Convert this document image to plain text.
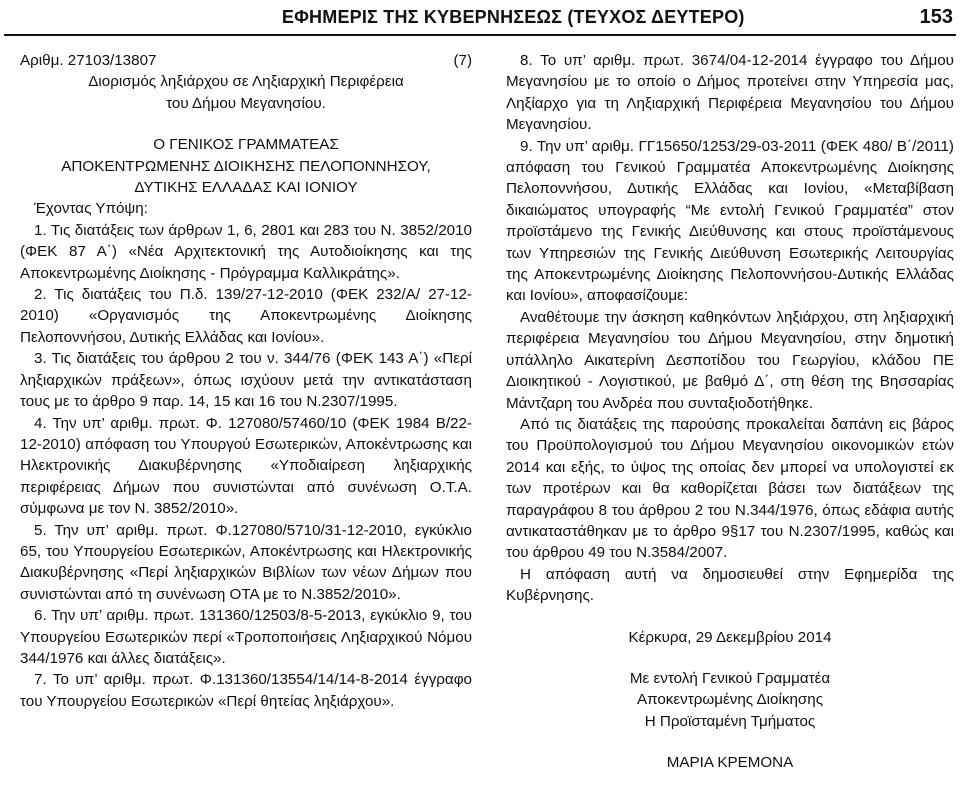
ΕΦΗΜΕΡΙΣ ΤΗΣ ΚΥΒΕΡΝΗΣΕΩΣ (ΤΕΥΧΟΣ ΔΕΥΤΕΡΟ)	153
Αριθμ. 27103/13807	(7)

Διορισμός ληξιάρχου σε Ληξιαρχική Περιφέρεια

του Δήμου Μεγανησίου.

Ο ΓΕΝΙΚΟΣ ΓΡΑΜΜΑΤΕΑΣ

ΑΠΟΚΕΝΤΡΩΜΕΝΗΣ ΔΙΟΙΚΗΣΗΣ ΠΕΛΟΠΟΝΝΗΣΟΥ,

ΔΥΤΙΚΗΣ ΕΛΛΑΔΑΣ ΚΑΙ ΙΟΝΙΟΥ

Έχοντας Υπόψη:

1. Τις διατάξεις των άρθρων 1, 6, 2801 και 283 του Ν. 3852/2010 (ΦΕΚ 87 Α΄) «Νέα Αρχιτεκτονική της Αυτοδιοίκησης και της Αποκεντρωμένης Διοίκησης - Πρόγραμμα Καλλικράτης».

2. Τις διατάξεις του Π.δ. 139/27-12-2010 (ΦΕΚ 232/Α/ 27-12-2010) «Οργανισμός της Αποκεντρωμένης Διοίκησης Πελοποννήσου, Δυτικής Ελλάδας και Ιονίου».

3. Τις διατάξεις του άρθρου 2 του ν. 344/76 (ΦΕΚ 143 Α΄) «Περί ληξιαρχικών πράξεων», όπως ισχύουν μετά την αντικατάσταση τους με το άρθρο 9 παρ. 14, 15 και 16 του Ν.2307/1995.

4. Την υπ’ αριθμ. πρωτ. Φ. 127080/57460/10 (ΦΕΚ 1984 Β/22-12-2010) απόφαση του Υπουργού Εσωτερικών, Αποκέντρωσης και Ηλεκτρονικής Διακυβέρνησης «Υποδιαίρεση ληξιαρχικής περιφέρειας Δήμων που συνιστώνται από συνένωση Ο.Τ.Α. σύμφωνα με τον Ν. 3852/2010».

5. Την υπ’ αριθμ. πρωτ. Φ.127080/5710/31-12-2010, εγκύκλιο 65, του Υπουργείου Εσωτερικών, Αποκέντρωσης και Ηλεκτρονικής Διακυβέρνησης «Περί ληξιαρχικών Βιβλίων των νέων Δήμων που συνιστώνται από τη συνένωση ΟΤΑ με το Ν.3852/2010».

6. Την υπ’ αριθμ. πρωτ. 131360/12503/8-5-2013, εγκύκλιο 9, του Υπουργείου Εσωτερικών περί «Τροποποιήσεις Ληξιαρχικού Νόμου 344/1976 και άλλες διατάξεις».

7. Το υπ’ αριθμ. πρωτ. Φ.131360/13554/14/14-8-2014 έγγραφο του Υπουργείου Εσωτερικών «Περί θητείας ληξιάρχου».

8. Το υπ’ αριθμ. πρωτ. 3674/04-12-2014 έγγραφο του Δήμου Μεγανησίου με το οποίο ο Δήμος προτείνει στην Υπηρεσία μας, Ληξίαρχο για τη Ληξιαρχική Περιφέρεια Μεγανησίου του Δήμου Μεγανησίου.

9. Την υπ’ αριθμ. ΓΓ15650/1253/29-03-2011 (ΦΕΚ 480/ Β΄/2011) απόφαση του Γενικού Γραμματέα Αποκεντρωμένης Διοίκησης Πελοποννήσου, Δυτικής Ελλάδας και Ιονίου, «Μεταβίβαση δικαιώματος υπογραφής “Με εντολή Γενικού Γραμματέα” στον προϊστάμενο της Γενικής Διεύθυνσης και στους προϊστάμενους των Υπηρεσιών της Γενικής Διεύθυνση Εσωτερικής Λειτουργίας της Αποκεντρωμένης Διοίκησης Πελοποννήσου-Δυτικής Ελλάδας και Ιονίου», αποφασίζουμε:

Αναθέτουμε την άσκηση καθηκόντων ληξιάρχου, στη ληξιαρχική περιφέρεια Μεγανησίου του Δήμου Μεγανησίου, στην δημοτική υπάλληλο Αικατερίνη Δεσποτίδου του Γεωργίου, κλάδου ΠΕ Διοικητικού - Λογιστικού, με βαθμό Δ΄, στη θέση της Βησσαρίας Μάντζαρη του Ανδρέα που συνταξιοδοτήθηκε.

Από τις διατάξεις της παρούσης προκαλείται δαπάνη εις βάρος του Προϋπολογισμού του Δήμου Μεγανησίου οικονομικών ετών 2014 και εξής, το ύψος της οποίας δεν μπορεί να υπολογιστεί εκ των προτέρων και θα καθορίζεται βάσει των διατάξεων της παραγράφου 8 του άρθρου 2 του Ν.344/1976, όπως εδάφια αυτής αντικαταστάθηκαν με το άρθρο 9§17 του Ν.2307/1995, καθώς και του άρθρου 49 του Ν.3584/2007.

Η απόφαση αυτή να δημοσιευθεί στην Εφημερίδα της Κυβέρνησης.

Κέρκυρα, 29 Δεκεμβρίου 2014

Με εντολή Γενικού Γραμματέα

Αποκεντρωμένης Διοίκησης

Η Προϊσταμένη Τμήματος

ΜΑΡΙΑ ΚΡΕΜΟΝΑ
